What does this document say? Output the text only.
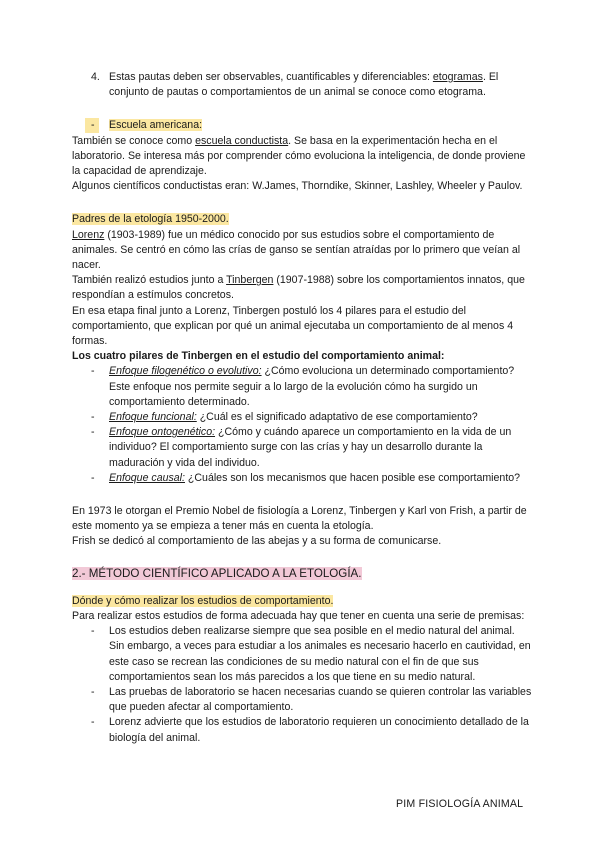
4. Estas pautas deben ser observables, cuantificables y diferenciables: etogramas. El conjunto de pautas o comportamientos de un animal se conoce como etograma.

- Escuela americana:

También se conoce como escuela conductista. Se basa en la experimentación hecha en el laboratorio. Se interesa más por comprender cómo evoluciona la inteligencia, de donde proviene la capacidad de aprendizaje.

Algunos científicos conductistas eran: W.James, Thorndike, Skinner, Lashley, Wheeler y Paulov.

Padres de la etología 1950-2000.

Lorenz (1903-1989) fue un médico conocido por sus estudios sobre el comportamiento de animales. Se centró en cómo las crías de ganso se sentían atraídas por lo primero que veían al nacer.

También realizó estudios junto a Tinbergen (1907-1988) sobre los comportamientos innatos, que respondían a estímulos concretos.

En esa etapa final junto a Lorenz, Tinbergen postuló los 4 pilares para el estudio del comportamiento, que explican por qué un animal ejecutaba un comportamiento de al menos 4 formas.

Los cuatro pilares de Tinbergen en el estudio del comportamiento animal:

- Enfoque filogenético o evolutivo: ¿Cómo evoluciona un determinado comportamiento? Este enfoque nos permite seguir a lo largo de la evolución cómo ha surgido un comportamiento determinado.
- Enfoque funcional: ¿Cuál es el significado adaptativo de ese comportamiento?
- Enfoque ontogenético: ¿Cómo y cuándo aparece un comportamiento en la vida de un individuo? El comportamiento surge con las crías y hay un desarrollo durante la maduración y vida del individuo.
- Enfoque causal: ¿Cuáles son los mecanismos que hacen posible ese comportamiento?

En 1973 le otorgan el Premio Nobel de fisiología a Lorenz, Tinbergen y Karl von Frish, a partir de este momento ya se empieza a tener más en cuenta la etología.

Frish se dedicó al comportamiento de las abejas y a su forma de comunicarse.

2.- MÉTODO CIENTÍFICO APLICADO A LA ETOLOGÍA.

Dónde y cómo realizar los estudios de comportamiento.

Para realizar estos estudios de forma adecuada hay que tener en cuenta una serie de premisas:

- Los estudios deben realizarse siempre que sea posible en el medio natural del animal. Sin embargo, a veces para estudiar a los animales es necesario hacerlo en cautividad, en este caso se recrean las condiciones de su medio natural con el fin de que sus comportamientos sean los más parecidos a los que tiene en su medio natural.
- Las pruebas de laboratorio se hacen necesarias cuando se quieren controlar las variables que pueden afectar al comportamiento.
- Lorenz advierte que los estudios de laboratorio requieren un conocimiento detallado de la biología del animal.
PIM FISIOLOGÍA ANIMAL
